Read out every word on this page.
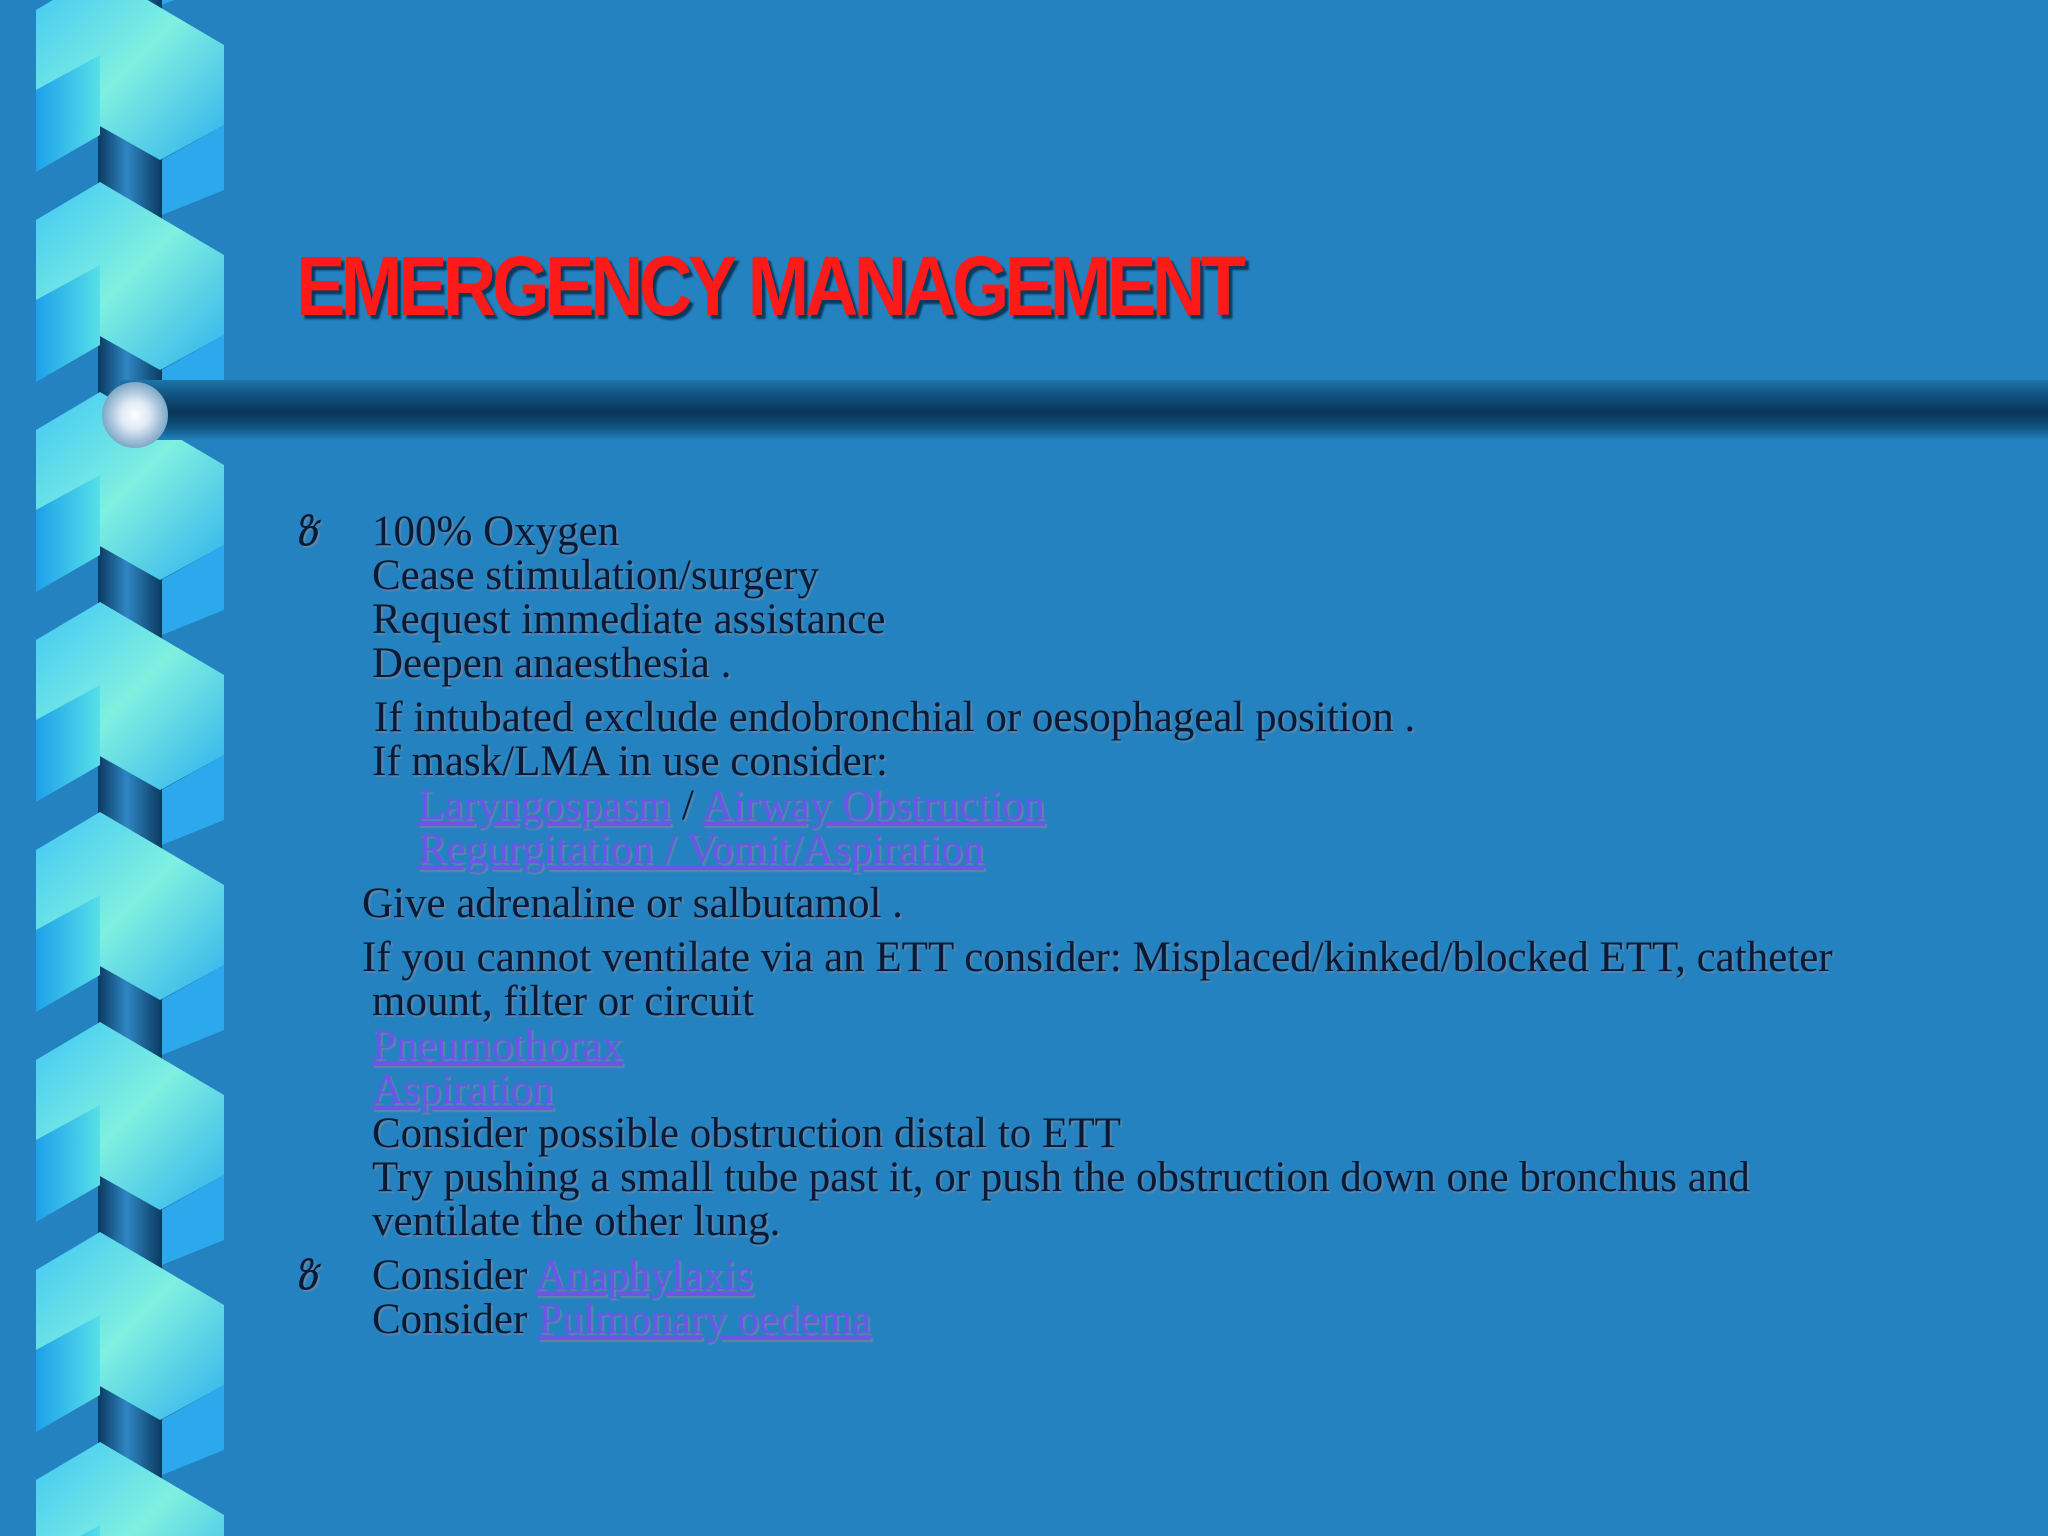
EMERGENCY MANAGEMENT
ზ 100% Oxygen
Cease stimulation/surgery
Request immediate assistance
Deepen anaesthesia .
If intubated exclude endobronchial or oesophageal position .
If mask/LMA in use consider:
Laryngospasm / Airway Obstruction
Regurgitation / Vomit/Aspiration
Give adrenaline or salbutamol .
If you cannot ventilate via an ETT consider: Misplaced/kinked/blocked ETT, catheter
mount, filter or circuit
Pneumothorax
Aspiration
Consider possible obstruction distal to ETT
Try pushing a small tube past it, or push the obstruction down one bronchus and
ventilate the other lung.
ზ Consider Anaphylaxis
Consider Pulmonary oedema
